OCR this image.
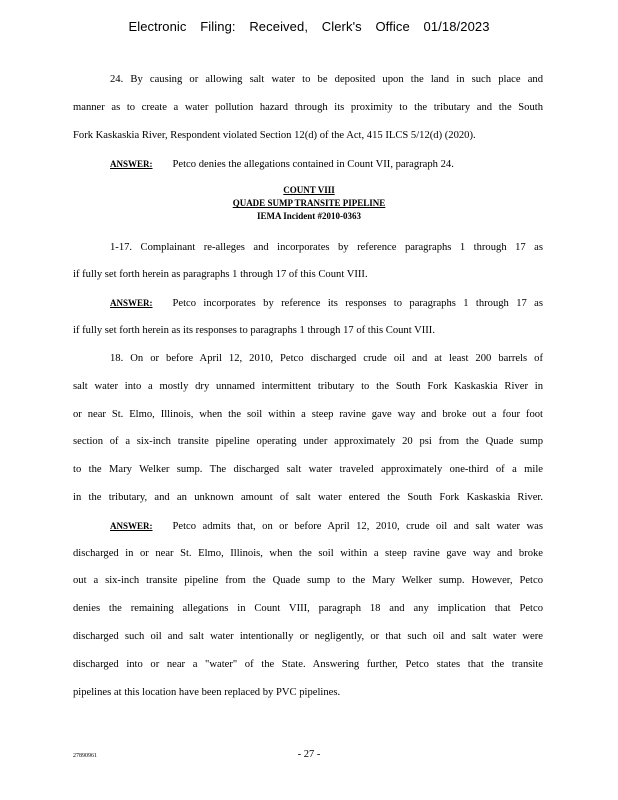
Electronic Filing: Received, Clerk's Office 01/18/2023
24. By causing or allowing salt water to be deposited upon the land in such place and
manner as to create a water pollution hazard through its proximity to the tributary and the South
Fork Kaskaskia River, Respondent violated Section 12(d) of the Act, 415 ILCS 5/12(d) (2020).
ANSWER: Petco denies the allegations contained in Count VII, paragraph 24.
1-17. Complainant re-alleges and incorporates by reference paragraphs 1 through 17 as
if fully set forth herein as paragraphs 1 through 17 of this Count VIII.
ANSWER: Petco incorporates by reference its responses to paragraphs 1 through 17 as
if fully set forth herein as its responses to paragraphs 1 through 17 of this Count VIII.
18. On or before April 12, 2010, Petco discharged crude oil and at least 200 barrels of
salt water into a mostly dry unnamed intermittent tributary to the South Fork Kaskaskia River in
or near St. Elmo, Illinois, when the soil within a steep ravine gave way and broke out a four foot
section of a six-inch transite pipeline operating under approximately 20 psi from the Quade sump
to the Mary Welker sump. The discharged salt water traveled approximately one-third of a mile
in the tributary, and an unknown amount of salt water entered the South Fork Kaskaskia River.
ANSWER: Petco admits that, on or before April 12, 2010, crude oil and salt water was
discharged in or near St. Elmo, Illinois, when the soil within a steep ravine gave way and broke
out a six-inch transite pipeline from the Quade sump to the Mary Welker sump. However, Petco
denies the remaining allegations in Count VIII, paragraph 18 and any implication that Petco
discharged such oil and salt water intentionally or negligently, or that such oil and salt water were
discharged into or near a "water" of the State. Answering further, Petco states that the transite
pipelines at this location have been replaced by PVC pipelines.
COUNT VIII
QUADE SUMP TRANSITE PIPELINE
IEMA Incident #2010-0363
27890961	- 27 -
